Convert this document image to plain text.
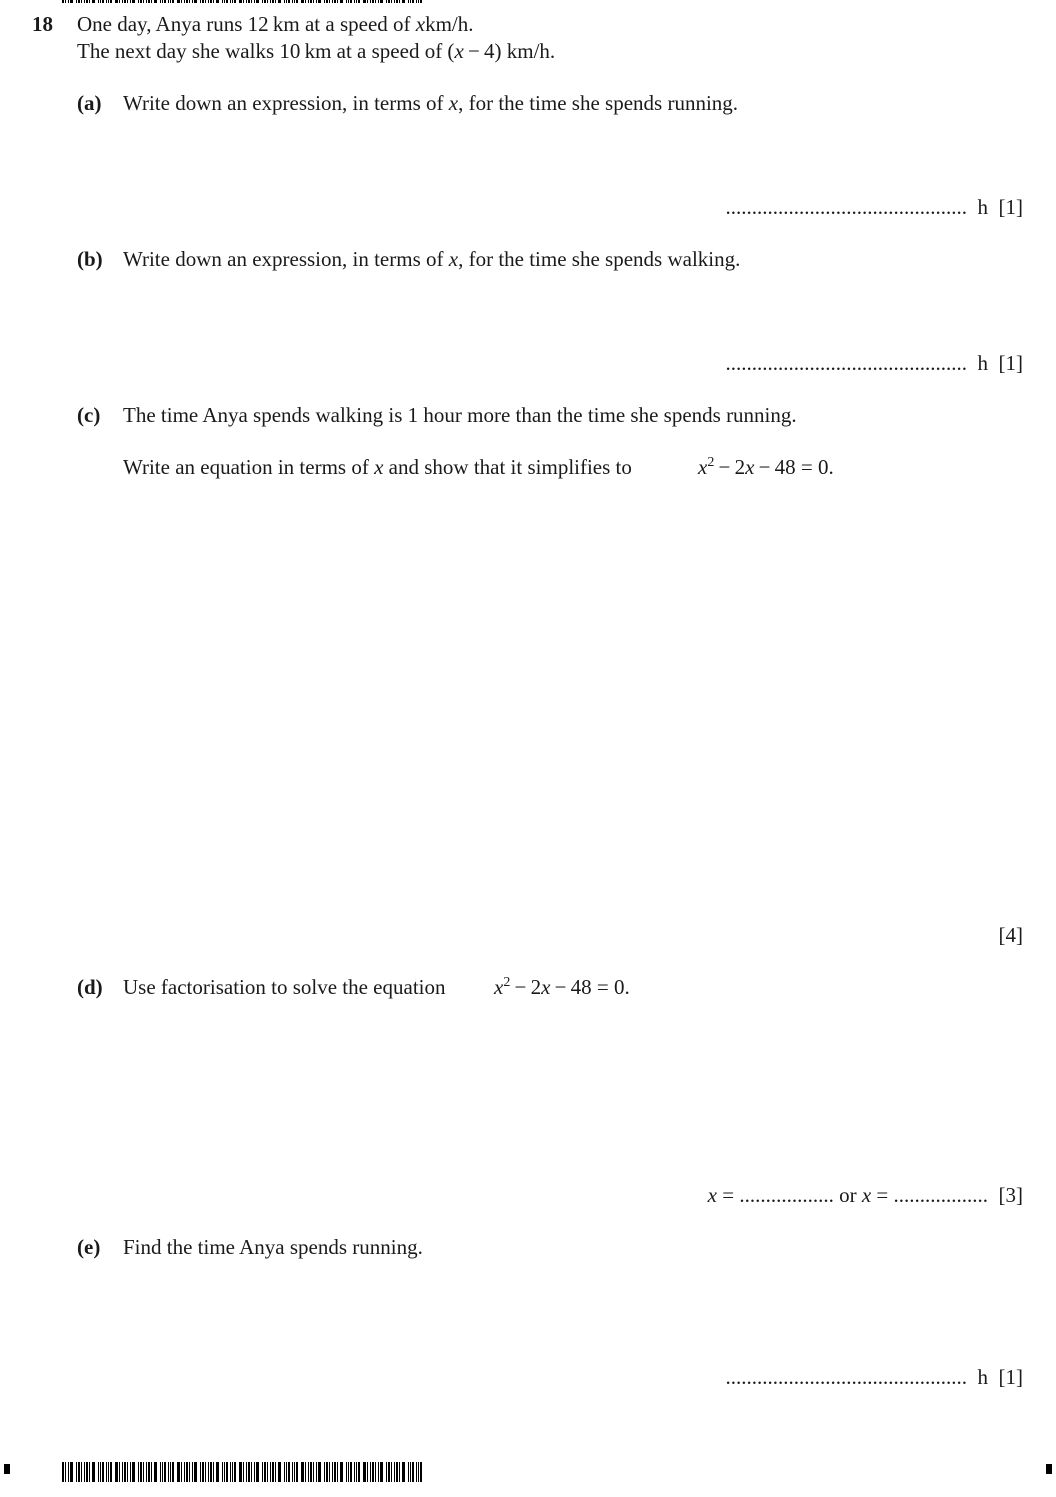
18 One day, Anya runs 12 km at a speed of xkm/h.
The next day she walks 10 km at a speed of (x − 4) km/h.
(a) Write down an expression, in terms of x, for the time she spends running.
.............................................. h [1]
(b) Write down an expression, in terms of x, for the time she spends walking.
.............................................. h [1]
(c) The time Anya spends walking is 1 hour more than the time she spends running.
Write an equation in terms of x and show that it simplifies to	$x^2 - 2x - 48 = 0$.
[4]
(d) Use factorisation to solve the equation $x^2 - 2x - 48 = 0$.
x = .................. or x = .................. [3]
(e) Find the time Anya spends running.
.............................................. h [1]
